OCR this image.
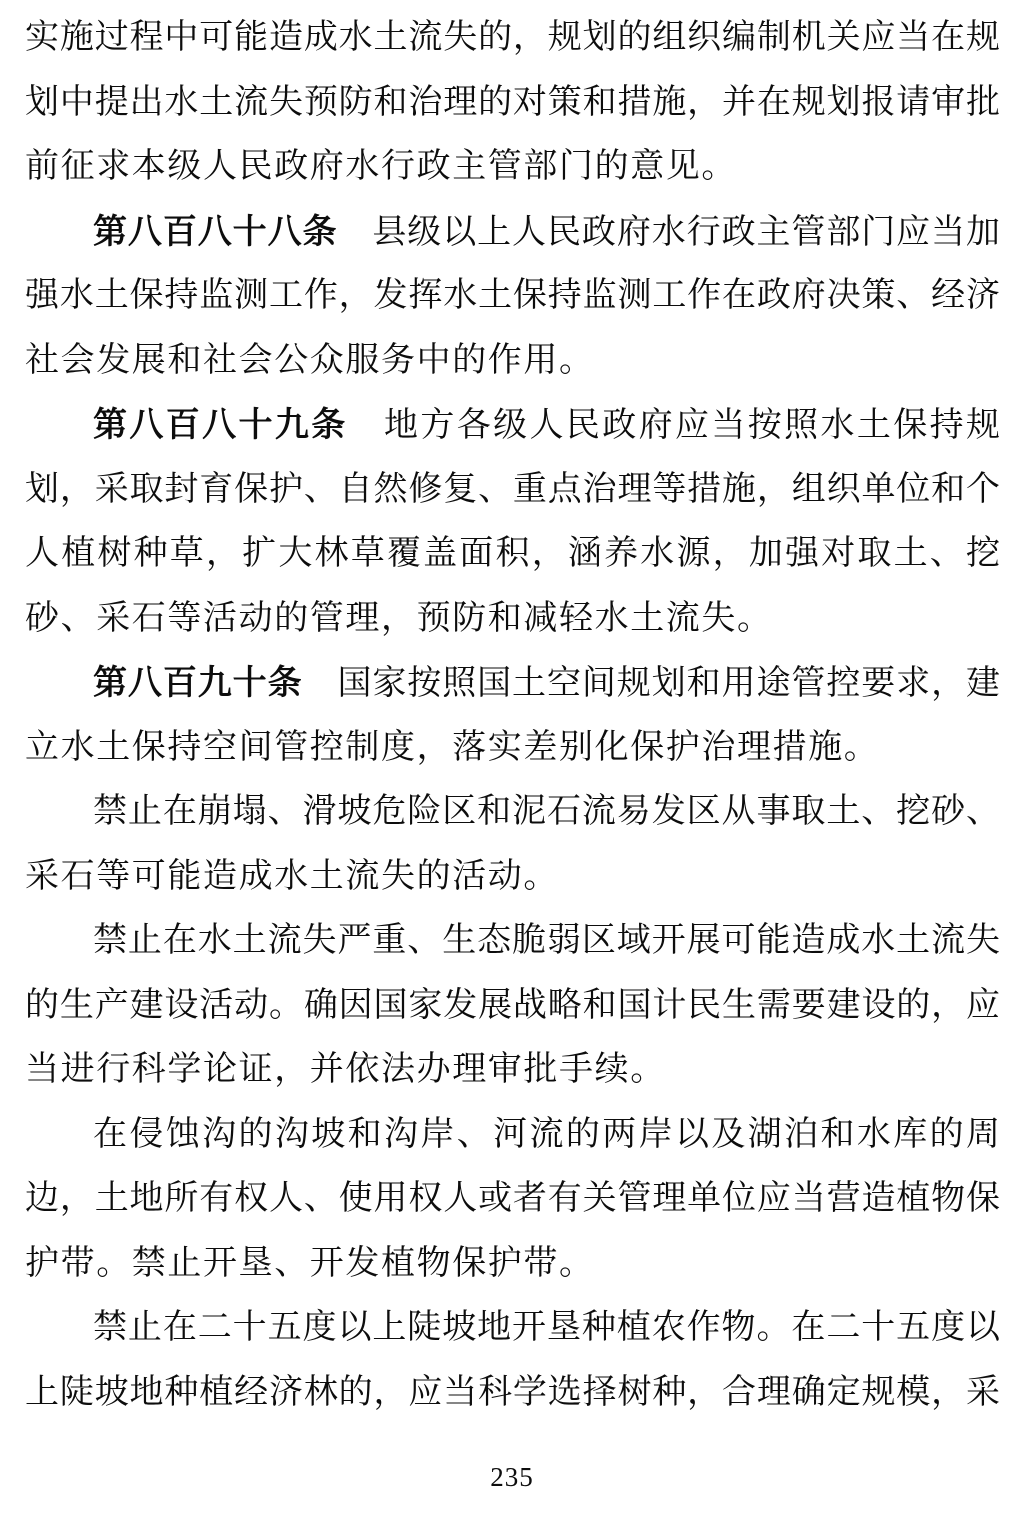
实施过程中可能造成水土流失的，规划的组织编制机关应当在规
划中提出水土流失预防和治理的对策和措施，并在规划报请审批
前征求本级人民政府水行政主管部门的意见。
第八百八十八条　县级以上人民政府水行政主管部门应当加
强水土保持监测工作，发挥水土保持监测工作在政府决策、经济
社会发展和社会公众服务中的作用。
第八百八十九条　地方各级人民政府应当按照水土保持规
划，采取封育保护、自然修复、重点治理等措施，组织单位和个
人植树种草，扩大林草覆盖面积，涵养水源，加强对取土、挖
砂、采石等活动的管理，预防和减轻水土流失。
第八百九十条　国家按照国土空间规划和用途管控要求，建
立水土保持空间管控制度，落实差别化保护治理措施。
禁止在崩塌、滑坡危险区和泥石流易发区从事取土、挖砂、
采石等可能造成水土流失的活动。
禁止在水土流失严重、生态脆弱区域开展可能造成水土流失
的生产建设活动。确因国家发展战略和国计民生需要建设的，应
当进行科学论证，并依法办理审批手续。
在侵蚀沟的沟坡和沟岸、河流的两岸以及湖泊和水库的周
边，土地所有权人、使用权人或者有关管理单位应当营造植物保
护带。禁止开垦、开发植物保护带。
禁止在二十五度以上陡坡地开垦种植农作物。在二十五度以
上陡坡地种植经济林的，应当科学选择树种，合理确定规模，采
235
